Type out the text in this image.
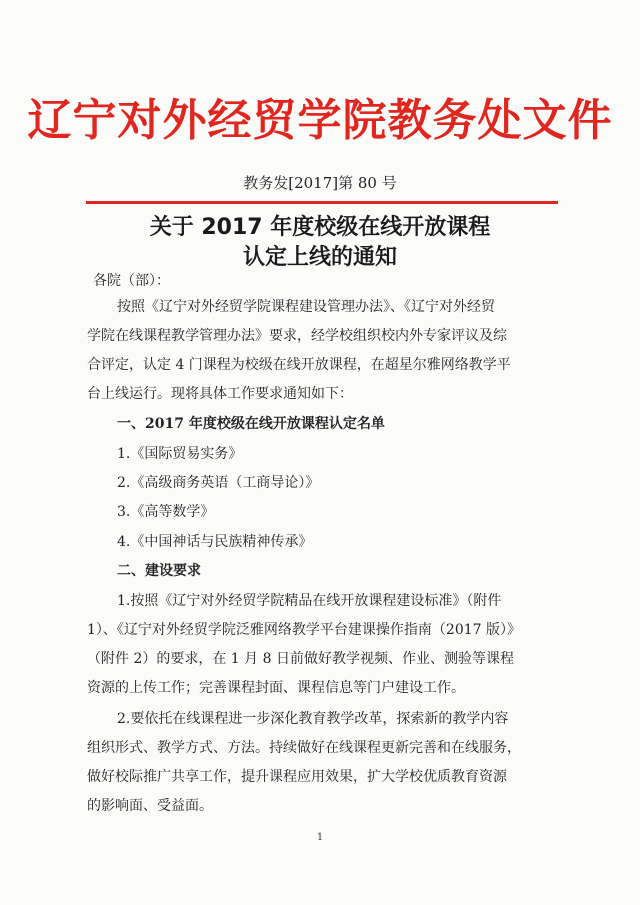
辽宁对外经贸学院教务处文件
教务发[2017]第 80 号
关于 2017 年度校级在线开放课程
认定上线的通知
各院（部）：
按照《辽宁对外经贸学院课程建设管理办法》、《辽宁对外经贸
学院在线课程教学管理办法》要求，经学校组织校内外专家评议及综
合评定，认定 4 门课程为校级在线开放课程，在超星尔雅网络教学平
台上线运行。现将具体工作要求通知如下：
一、2017 年度校级在线开放课程认定名单
1.《国际贸易实务》
2.《高级商务英语（工商导论）》
3.《高等数学》
4.《中国神话与民族精神传承》
二、建设要求
1.按照《辽宁对外经贸学院精品在线开放课程建设标准》（附件
1）、《辽宁对外经贸学院泛雅网络教学平台建课操作指南（2017 版）》
（附件 2）的要求，在 1 月 8 日前做好教学视频、作业、测验等课程
资源的上传工作；完善课程封面、课程信息等门户建设工作。
2.要依托在线课程进一步深化教育教学改革，探索新的教学内容
组织形式、教学方式、方法。持续做好在线课程更新完善和在线服务，
做好校际推广共享工作，提升课程应用效果，扩大学校优质教育资源
的影响面、受益面。
1
